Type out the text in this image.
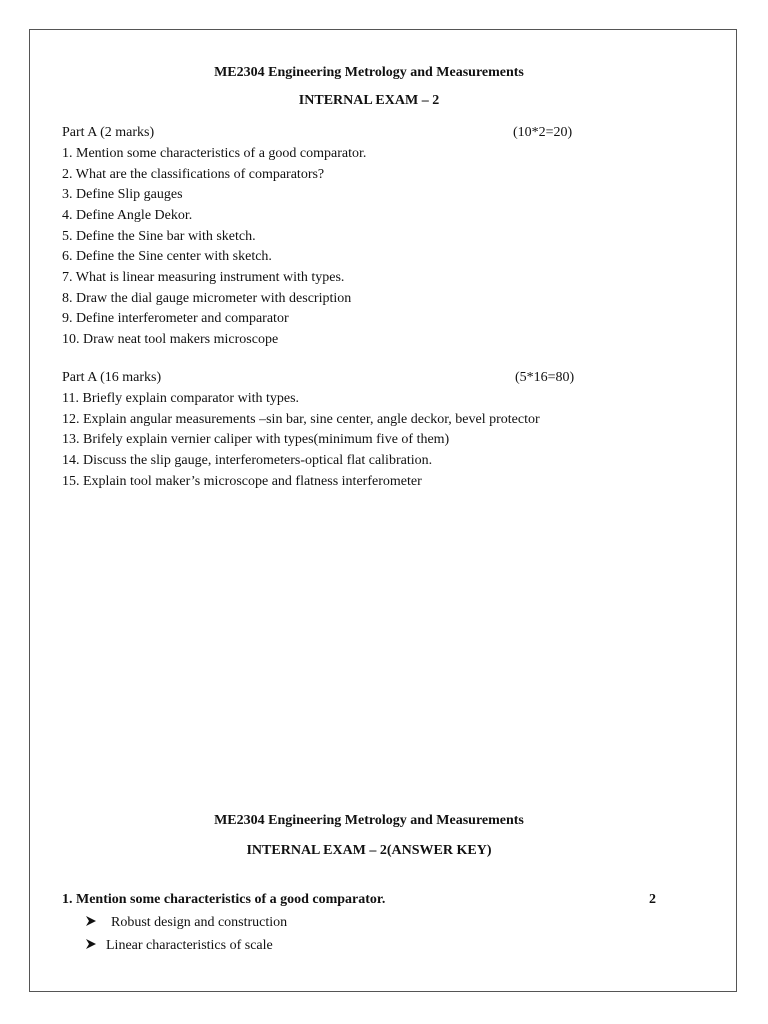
ME2304 Engineering Metrology and Measurements
INTERNAL EXAM – 2
Part A (2 marks)	(10*2=20)
1. Mention some characteristics of a good comparator.
2. What are the classifications of comparators?
3. Define Slip gauges
4. Define Angle Dekor.
5. Define the Sine bar with sketch.
6. Define the Sine center with sketch.
7. What is linear measuring instrument with types.
8. Draw the dial gauge micrometer with description
9. Define interferometer and comparator
10. Draw neat tool makers microscope
Part A (16 marks)	(5*16=80)
11. Briefly explain comparator with types.
12. Explain angular measurements –sin bar, sine center, angle deckor, bevel protector
13. Brifely explain vernier caliper with types(minimum five of them)
14. Discuss the slip gauge, interferometers-optical flat calibration.
15. Explain tool maker’s microscope and flatness interferometer
ME2304 Engineering Metrology and Measurements
INTERNAL EXAM – 2(ANSWER KEY)
1. Mention some characteristics of a good comparator.	2
Robust design and construction
Linear characteristics of scale
